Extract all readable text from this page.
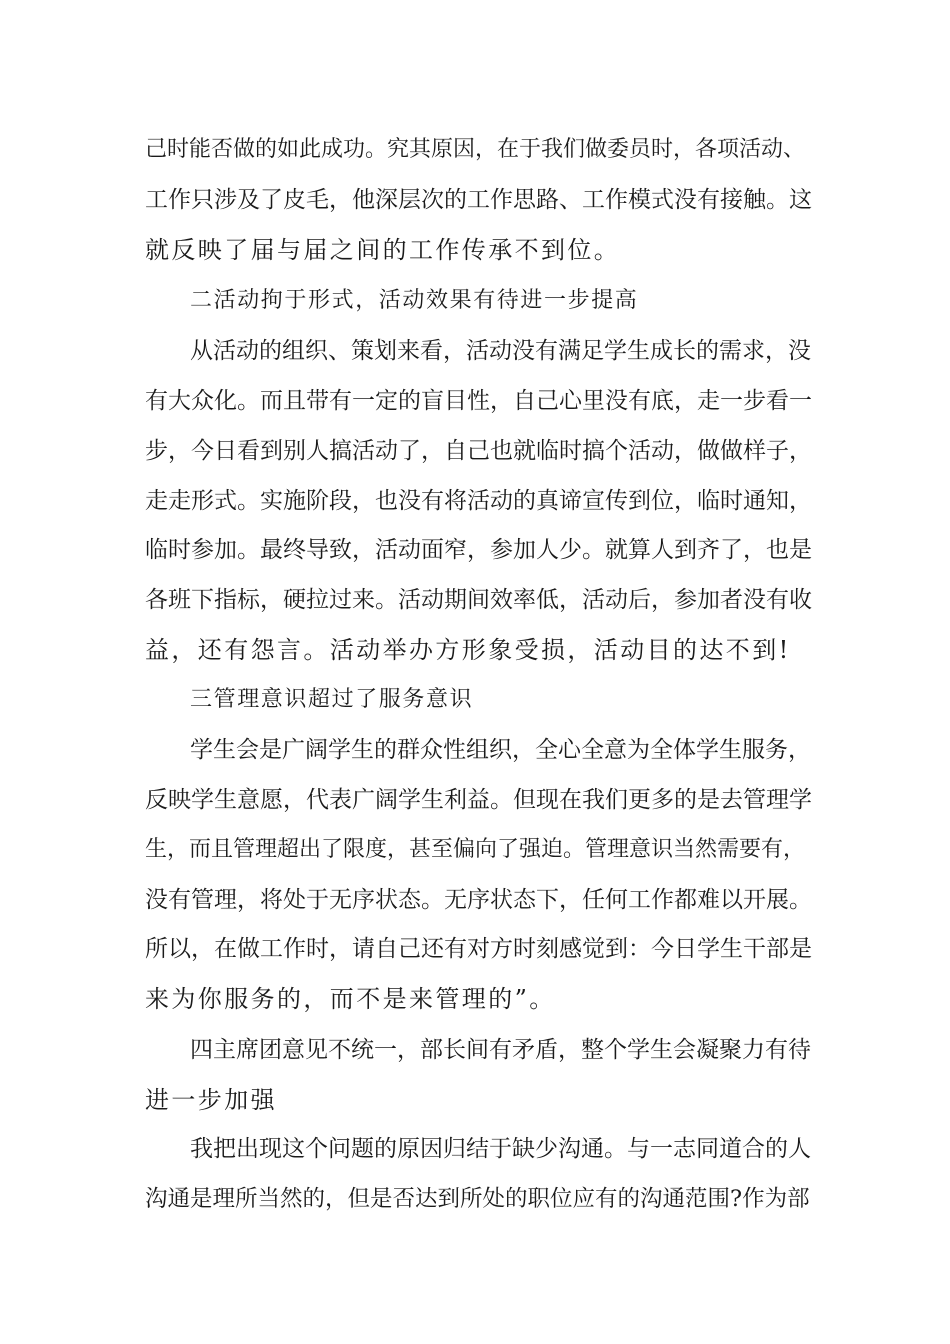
己时能否做的如此成功。究其原因，在于我们做委员时，各项活动、
工作只涉及了皮毛，他深层次的工作思路、工作模式没有接触。这
就反映了届与届之间的工作传承不到位。
二活动拘于形式，活动效果有待进一步提高
从活动的组织、策划来看，活动没有满足学生成长的需求，没
有大众化。而且带有一定的盲目性，自己心里没有底，走一步看一
步，今日看到别人搞活动了，自己也就临时搞个活动，做做样子，
走走形式。实施阶段，也没有将活动的真谛宣传到位，临时通知，
临时参加。最终导致，活动面窄，参加人少。就算人到齐了，也是
各班下指标，硬拉过来。活动期间效率低，活动后，参加者没有收
益，还有怨言。活动举办方形象受损，活动目的达不到!
三管理意识超过了服务意识
学生会是广阔学生的群众性组织，全心全意为全体学生服务，
反映学生意愿，代表广阔学生利益。但现在我们更多的是去管理学
生，而且管理超出了限度，甚至偏向了强迫。管理意识当然需要有，
没有管理，将处于无序状态。无序状态下，任何工作都难以开展。
所以，在做工作时，请自己还有对方时刻感觉到：今日学生干部是
来为你服务的，而不是来管理的”。
四主席团意见不统一，部长间有矛盾，整个学生会凝聚力有待
进一步加强
我把出现这个问题的原因归结于缺少沟通。与一志同道合的人
沟通是理所当然的，但是否达到所处的职位应有的沟通范围?作为部
